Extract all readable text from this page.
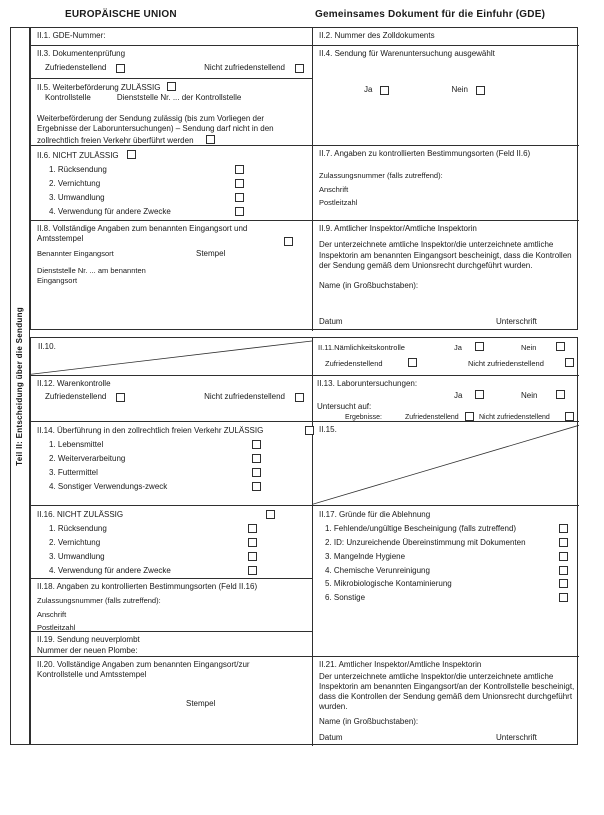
EUROPÄISCHE UNION	Gemeinsames Dokument für die Einfuhr (GDE)
Teil II: Entscheidung über die Sendung
II.1. GDE-Nummer:	II.2. Nummer des Zolldokuments
II.3. Dokumentenprüfung
Zufriedenstellend	Nicht zufriedenstellend
II.4. Sendung für Warenuntersuchung ausgewählt
Ja	Nein
II.5. Weiterbeförderung ZULÄSSIG
Kontrollstelle	Dienststelle Nr. ... der Kontrollstelle
Weiterbeförderung der Sendung zulässig (bis zum Vorliegen der Ergebnisse der Laboruntersuchungen) – Sendung darf nicht in den zollrechtlich freien Verkehr überführt werden
II.6. NICHT ZULÄSSIG
1. Rücksendung
2. Vernichtung
3. Umwandlung
4. Verwendung für andere Zwecke
II.7. Angaben zu kontrollierten Bestimmungsorten (Feld II.6)
Zulassungsnummer (falls zutreffend):
Anschrift
Postleitzahl
II.8. Vollständige Angaben zum benannten Eingangsort und Amtsstempel
Benannter Eingangsort	Stempel
Dienststelle Nr. ... am benannten Eingangsort
II.9. Amtlicher Inspektor/Amtliche Inspektorin
Der unterzeichnete amtliche Inspektor/die unterzeichnete amtliche Inspektorin am benannten Eingangsort bescheinigt, dass die Kontrollen der Sendung gemäß dem Unionsrecht durchgeführt wurden.
Name (in Großbuchstaben):
Datum	Unterschrift
II.10.	II.11.Nämlichkeitskontrolle	Ja	Nein
Zufriedenstellend	Nicht zufriedenstellend
II.12. Warenkontrolle
Zufriedenstellend	Nicht zufriedenstellend
II.13. Laboruntersuchungen:
Ja	Nein
Untersucht auf:
Ergebnisse:	Zufriedenstellend	Nicht zufriedenstellend
II.14. Überführung in den zollrechtlich freien Verkehr ZULÄSSIG
1. Lebensmittel
2. Weiterverarbeitung
3. Futtermittel
4. Sonstiger Verwendungs-zweck
II.15.
II.16. NICHT ZULÄSSIG
1. Rücksendung
2. Vernichtung
3. Umwandlung
4. Verwendung für andere Zwecke
II.17. Gründe für die Ablehnung
1. Fehlende/ungültige Bescheinigung (falls zutreffend)
2. ID: Unzureichende Übereinstimmung mit Dokumenten
3. Mangelnde Hygiene
4. Chemische Verunreinigung
5. Mikrobiologische Kontaminierung
6. Sonstige
II.18. Angaben zu kontrollierten Bestimmungsorten (Feld II.16)
Zulassungsnummer (falls zutreffend):
Anschrift
Postleitzahl
II.19. Sendung neuverplombt
Nummer der neuen Plombe:
II.20. Vollständige Angaben zum benannten Eingangsort/zur Kontrollstelle und Amtsstempel
Stempel
II.21. Amtlicher Inspektor/Amtliche Inspektorin
Der unterzeichnete amtliche Inspektor/die unterzeichnete amtliche Inspektorin am benannten Eingangsort/an der Kontrollstelle bescheinigt, dass die Kontrollen der Sendung gemäß dem Unionsrecht durchgeführt wurden.
Name (in Großbuchstaben):
Datum	Unterschrift
